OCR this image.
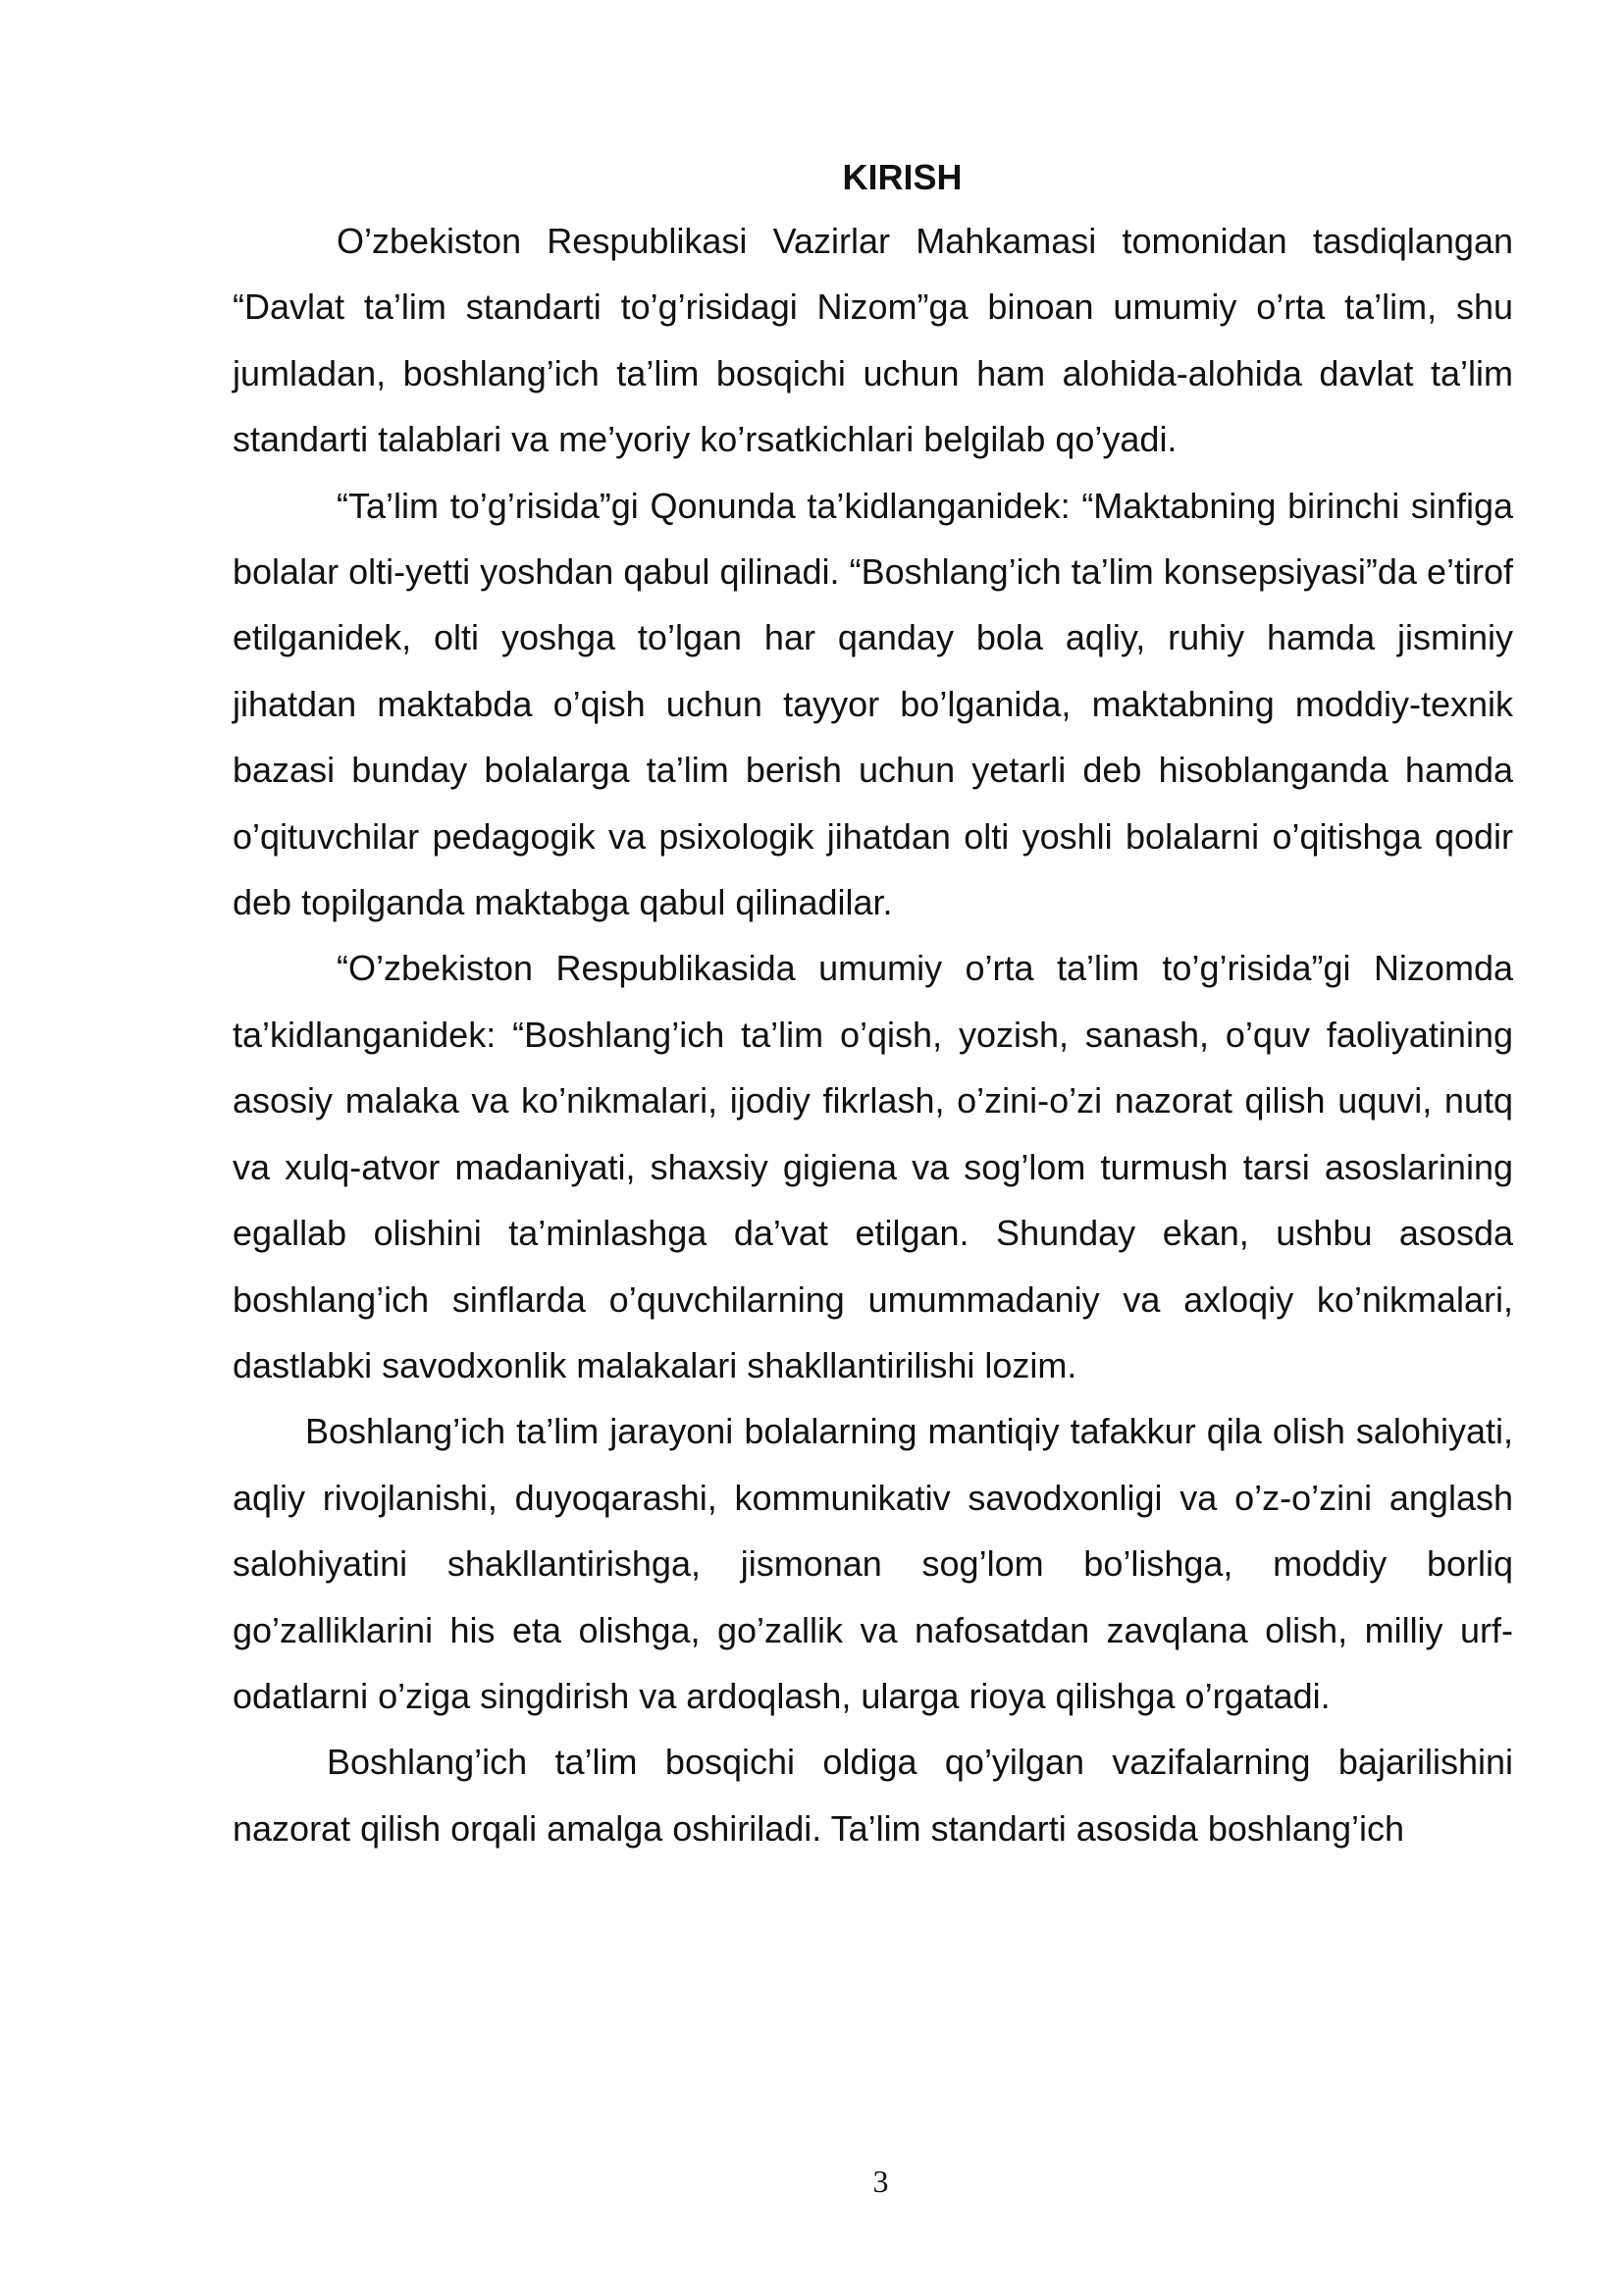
KIRISH

O’zbekiston Respublikasi Vazirlar Mahkamasi tomonidan tasdiqlangan “Davlat ta’lim standarti to’g’risidagi Nizom”ga binoan umumiy o’rta ta’lim, shu jumladan, boshlang’ich ta’lim bosqichi uchun ham alohida-alohida davlat ta’lim standarti talablari va me’yoriy ko’rsatkichlari belgilab qo’yadi.

“Ta’lim to’g’risida”gi Qonunda ta’kidlanganidek: “Maktabning birinchi sinfiga bolalar olti-yetti yoshdan qabul qilinadi. “Boshlang’ich ta’lim konsepsiyasi”da e’tirof etilganidek, olti yoshga to’lgan har qanday bola aqliy, ruhiy hamda jisminiy jihatdan maktabda o’qish uchun tayyor bo’lganida, maktabning moddiy-texnik bazasi bunday bolalarga ta’lim berish uchun yetarli deb hisoblanganda hamda o’qituvchilar pedagogik va psixologik jihatdan olti yoshli bolalarni o’qitishga qodir deb topilganda maktabga qabul qilinadilar.

“O’zbekiston Respublikasida umumiy o’rta ta’lim to’g’risida”gi Nizomda ta’kidlanganidek: “Boshlang’ich ta’lim o’qish, yozish, sanash, o’quv faoliyatining asosiy malaka va ko’nikmalari, ijodiy fikrlash, o’zini-o’zi nazorat qilish uquvi, nutq va xulq-atvor madaniyati, shaxsiy gigiena va sog’lom turmush tarsi asoslarining egallab olishini ta’minlashga da’vat etilgan. Shunday ekan, ushbu asosda boshlang’ich sinflarda o’quvchilarning umummadaniy va axloqiy ko’nikmalari, dastlabki savodxonlik malakalari shakllantirilishi lozim.

Boshlang’ich ta’lim jarayoni bolalarning mantiqiy tafakkur qila olish salohiyati, aqliy rivojlanishi, duyoqarashi, kommunikativ savodxonligi va o’z-o’zini anglash salohiyatini shakllantirishga, jismonan sog’lom bo’lishga, moddiy borliq go’zalliklarini his eta olishga, go’zallik va nafosatdan zavqlana olish, milliy urf-odatlarni o’ziga singdirish va ardoqlash, ularga rioya qilishga o’rgatadi.

Boshlang’ich ta’lim bosqichi oldiga qo’yilgan vazifalarning bajarilishini nazorat qilish orqali amalga oshiriladi. Ta’lim standarti asosida boshlang’ich

3
